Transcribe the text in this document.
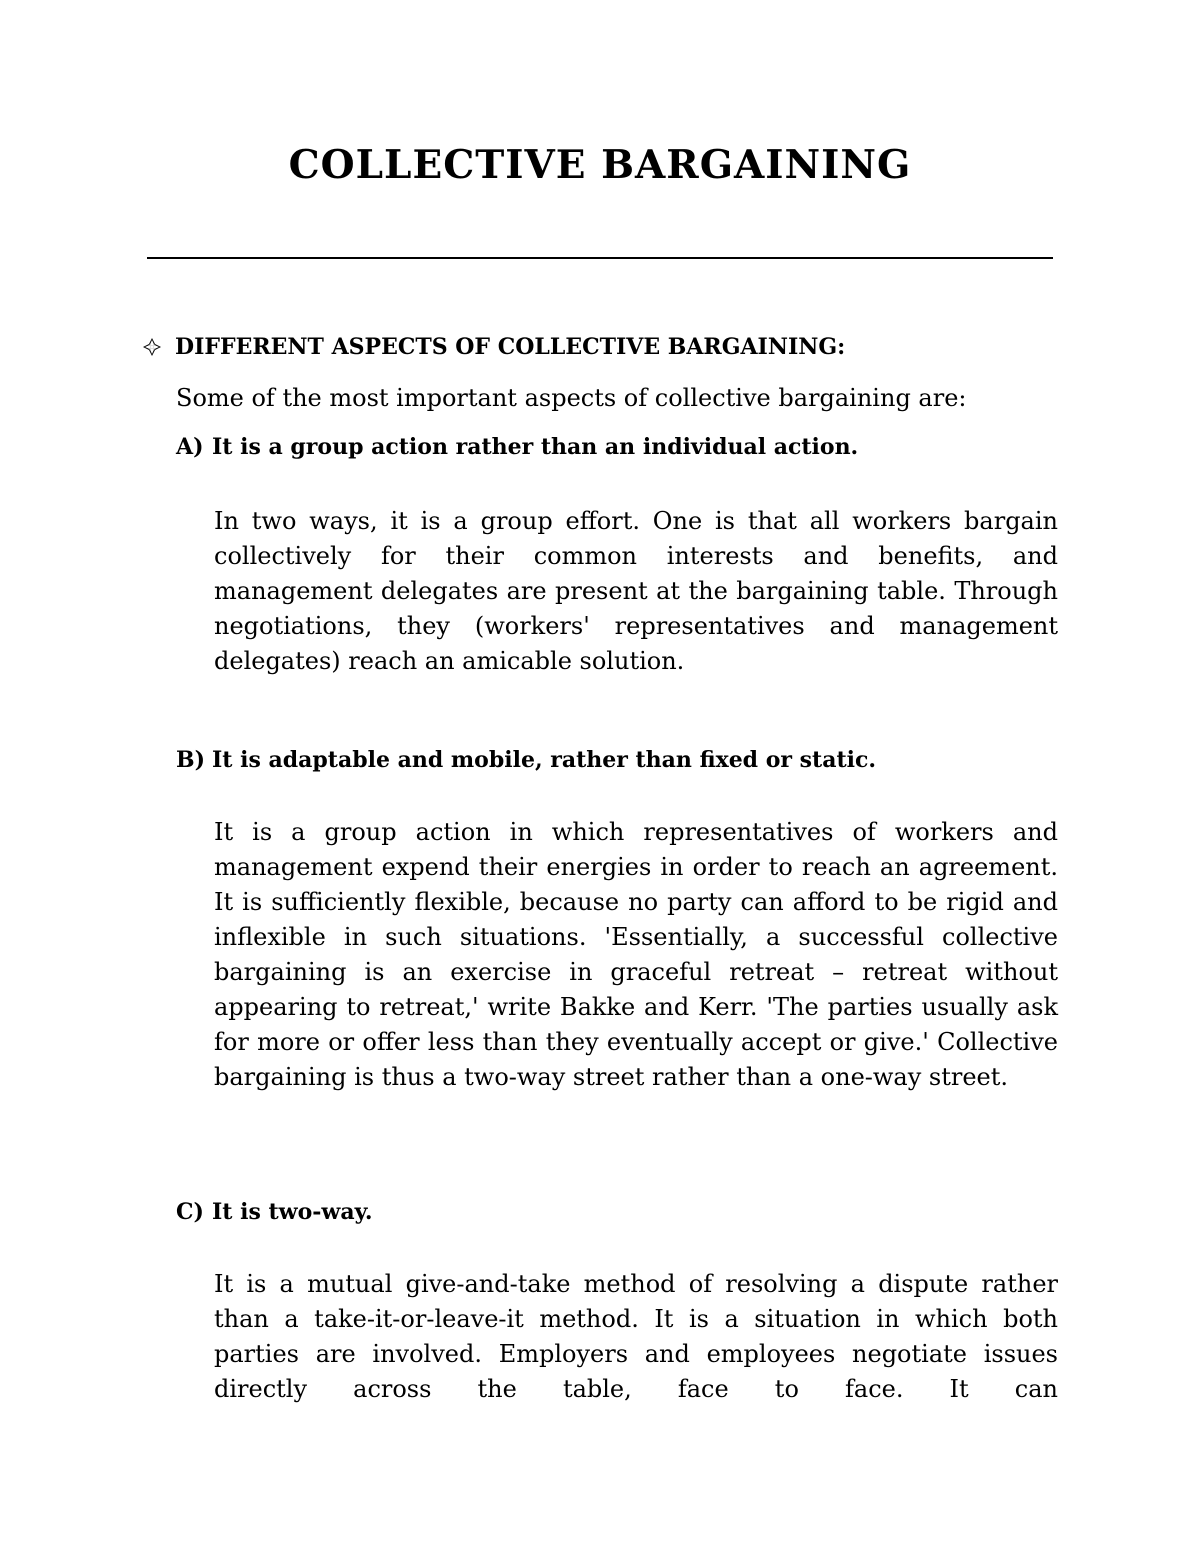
COLLECTIVE BARGAINING
DIFFERENT ASPECTS OF COLLECTIVE BARGAINING:
Some of the most important aspects of collective bargaining are:
A) It is a group action rather than an individual action.

In two ways, it is a group effort. One is that all workers bargain collectively for their common interests and benefits, and management delegates are present at the bargaining table. Through negotiations, they (workers' representatives and management delegates) reach an amicable solution.

B) It is adaptable and mobile, rather than fixed or static.

It is a group action in which representatives of workers and management expend their energies in order to reach an agreement. It is sufficiently flexible, because no party can afford to be rigid and inflexible in such situations. 'Essentially, a successful collective bargaining is an exercise in graceful retreat – retreat without appearing to retreat,' write Bakke and Kerr. 'The parties usually ask for more or offer less than they eventually accept or give.' Collective bargaining is thus a two-way street rather than a one-way street.

C) It is two-way.

It is a mutual give-and-take method of resolving a dispute rather than a take-it-or-leave-it method. It is a situation in which both parties are involved. Employers and employees negotiate issues directly across the table, face to face. It can
